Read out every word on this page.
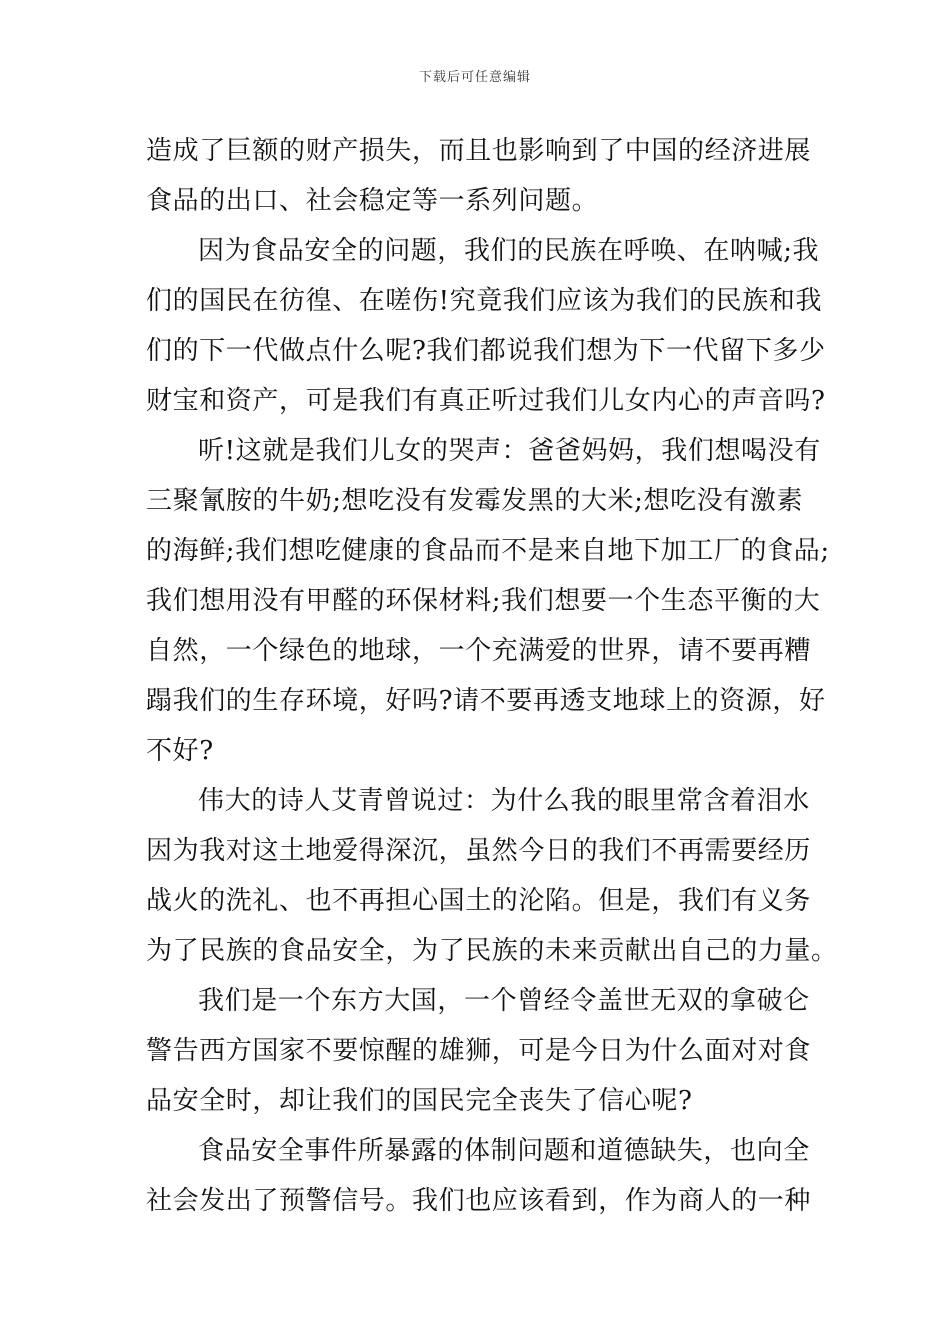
下载后可任意编辑
造成了巨额的财产损失，而且也影响到了中国的经济进展
食品的出口、社会稳定等一系列问题。
因为食品安全的问题，我们的民族在呼唤、在呐喊;我
们的国民在彷徨、在嗟伤!究竟我们应该为我们的民族和我
们的下一代做点什么呢?我们都说我们想为下一代留下多少
财宝和资产，可是我们有真正听过我们儿女内心的声音吗?
听!这就是我们儿女的哭声：爸爸妈妈，我们想喝没有
三聚氰胺的牛奶;想吃没有发霉发黑的大米;想吃没有激素
的海鲜;我们想吃健康的食品而不是来自地下加工厂的食品;
我们想用没有甲醛的环保材料;我们想要一个生态平衡的大
自然，一个绿色的地球，一个充满爱的世界，请不要再糟
蹋我们的生存环境，好吗?请不要再透支地球上的资源，好
不好?
伟大的诗人艾青曾说过：为什么我的眼里常含着泪水
因为我对这土地爱得深沉，虽然今日的我们不再需要经历
战火的洗礼、也不再担心国土的沦陷。但是，我们有义务
为了民族的食品安全，为了民族的未来贡献出自己的力量。
我们是一个东方大国，一个曾经令盖世无双的拿破仑
警告西方国家不要惊醒的雄狮，可是今日为什么面对对食
品安全时，却让我们的国民完全丧失了信心呢?
食品安全事件所暴露的体制问题和道德缺失，也向全
社会发出了预警信号。我们也应该看到，作为商人的一种
